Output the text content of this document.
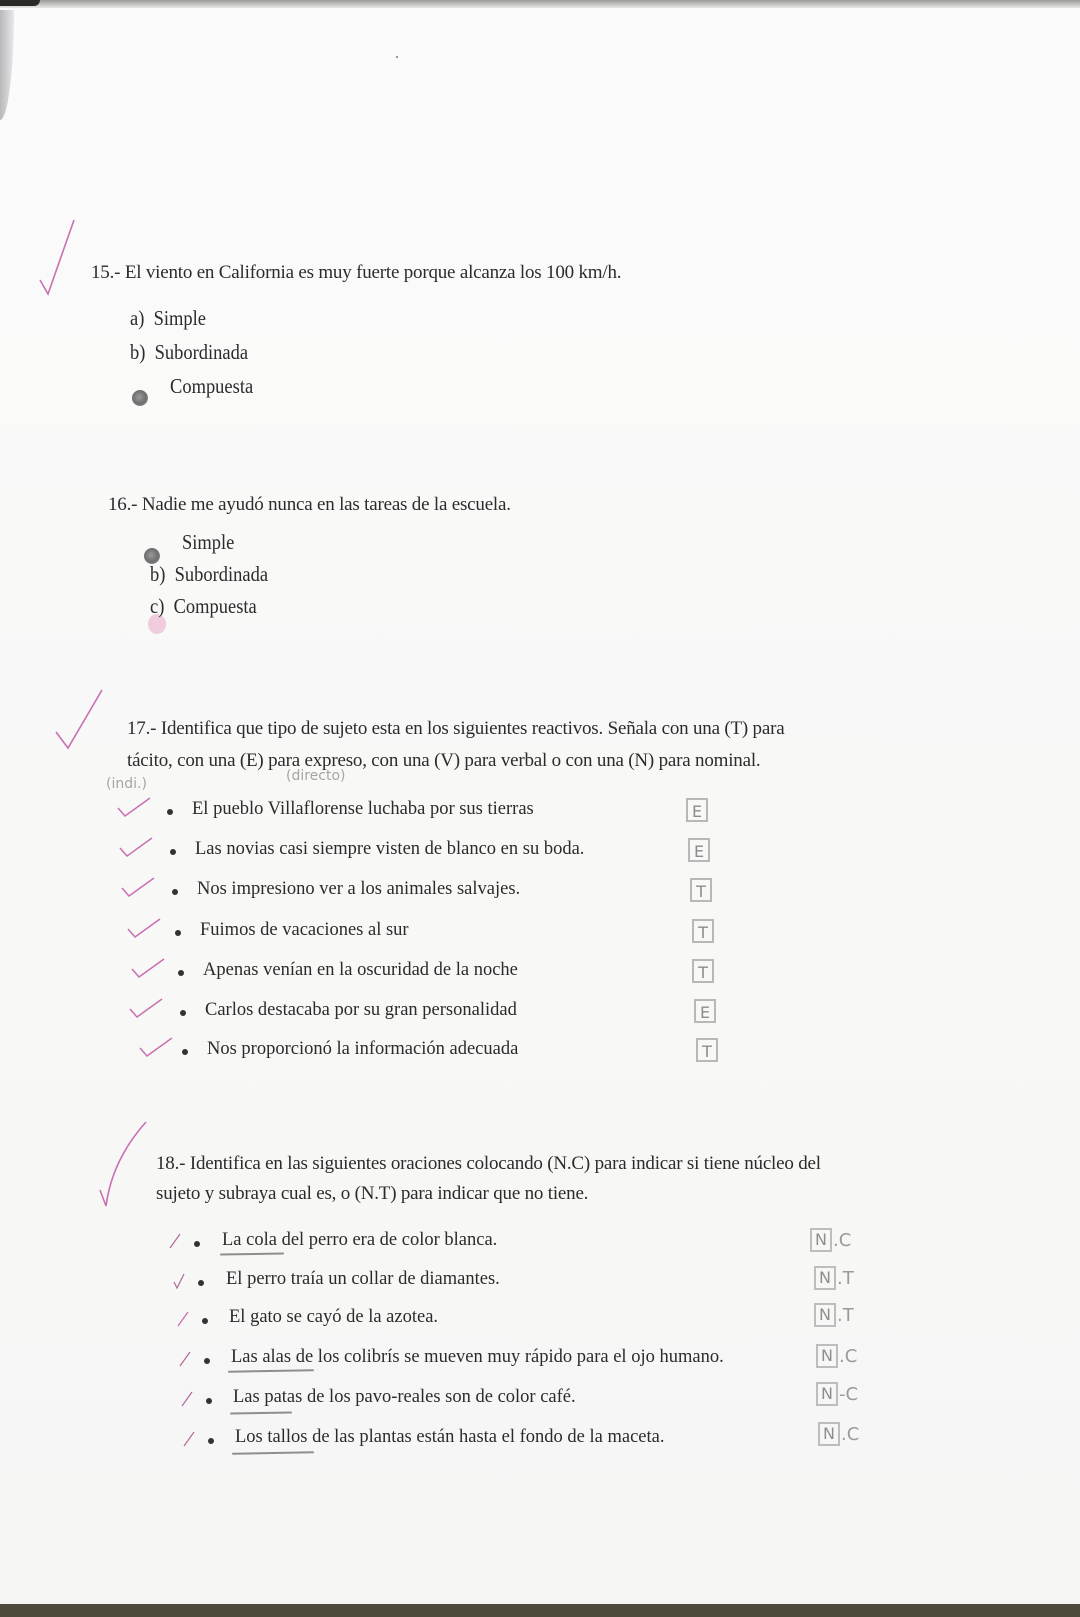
15.- El viento en California es muy fuerte porque alcanza los 100 km/h.
a) Simple
b) Subordinada
Compuesta
16.- Nadie me ayudó nunca en las tareas de la escuela.
Simple
b) Subordinada
c) Compuesta
17.- Identifica que tipo de sujeto esta en los siguientes reactivos. Señala con una (T) para
tácito, con una (E) para expreso, con una (V) para verbal o con una (N) para nominal.
(indi.)	(directo)
El pueblo Villaflorense luchaba por sus tierras	E
Las novias casi siempre visten de blanco en su boda.	E
Nos impresiono ver a los animales salvajes.	T
Fuimos de vacaciones al sur	T
Apenas venían en la oscuridad de la noche	T
Carlos destacaba por su gran personalidad	E
Nos proporcionó la información adecuada	T
18.- Identifica en las siguientes oraciones colocando (N.C) para indicar si tiene núcleo del
sujeto y subraya cual es, o (N.T) para indicar que no tiene.
La cola del perro era de color blanca.	N .C
El perro traía un collar de diamantes.	N .T
El gato se cayó de la azotea.	N .T
Las alas de los colibrís se mueven muy rápido para el ojo humano.	N .C
Las patas de los pavo-reales son de color café.	N -C
Los tallos de las plantas están hasta el fondo de la maceta.	N .C
